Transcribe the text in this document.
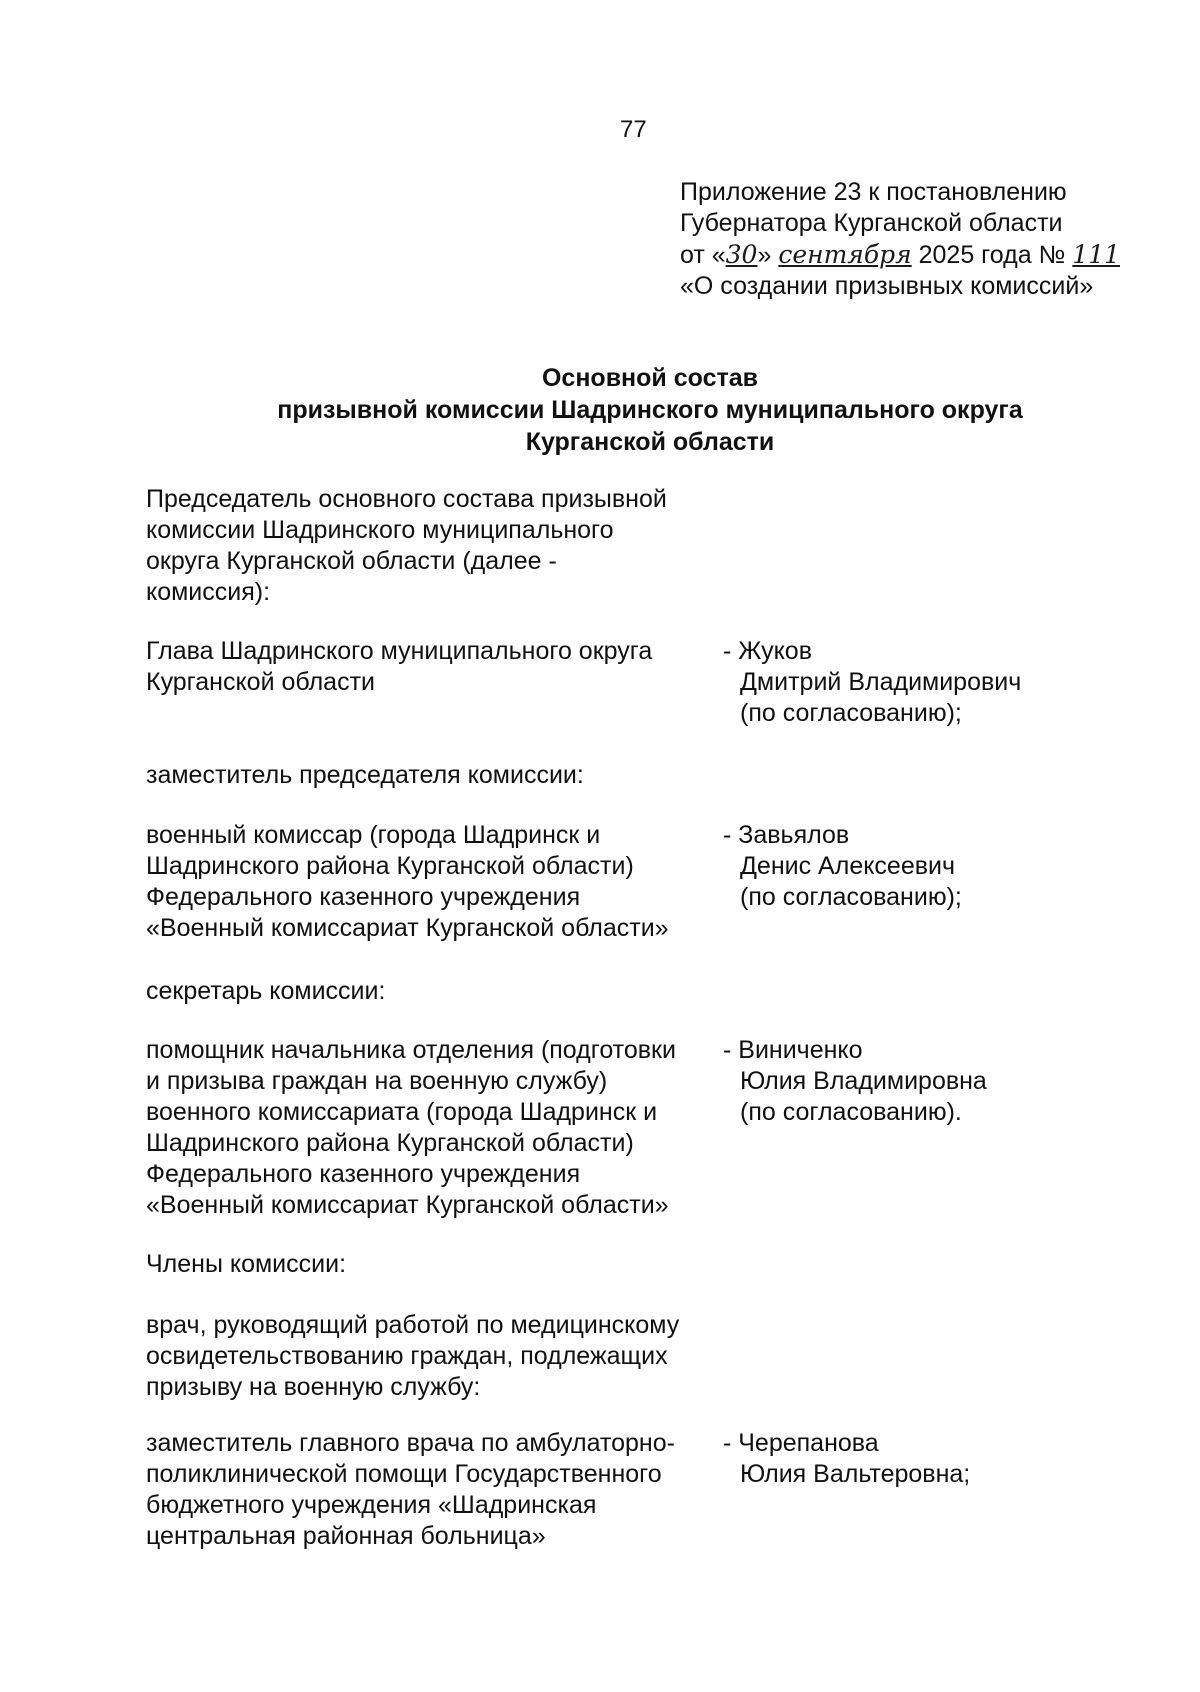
77
Приложение 23 к постановлению
Губернатора Курганской области
от «30» сентября 2025 года № 111
«О создании призывных комиссий»
Основной состав
призывной комиссии Шадринского муниципального округа
Курганской области
Председатель основного состава призывной
комиссии Шадринского муниципального
округа Курганской области (далее -
комиссия):
Глава Шадринского муниципального округа
Курганской области
- Жуков
Дмитрий Владимирович
(по согласованию);
заместитель председателя комиссии:
военный комиссар (города Шадринск и
Шадринского района Курганской области)
Федерального казенного учреждения
«Военный комиссариат Курганской области»
- Завьялов
Денис Алексеевич
(по согласованию);
секретарь комиссии:
помощник начальника отделения (подготовки
и призыва граждан на военную службу)
военного комиссариата (города Шадринск и
Шадринского района Курганской области)
Федерального казенного учреждения
«Военный комиссариат Курганской области»
- Виниченко
Юлия Владимировна
(по согласованию).
Члены комиссии:
врач, руководящий работой по медицинскому
освидетельствованию граждан, подлежащих
призыву на военную службу:
заместитель главного врача по амбулаторно-
поликлинической помощи Государственного
бюджетного учреждения «Шадринская
центральная районная больница»
- Черепанова
Юлия Вальтеровна;
